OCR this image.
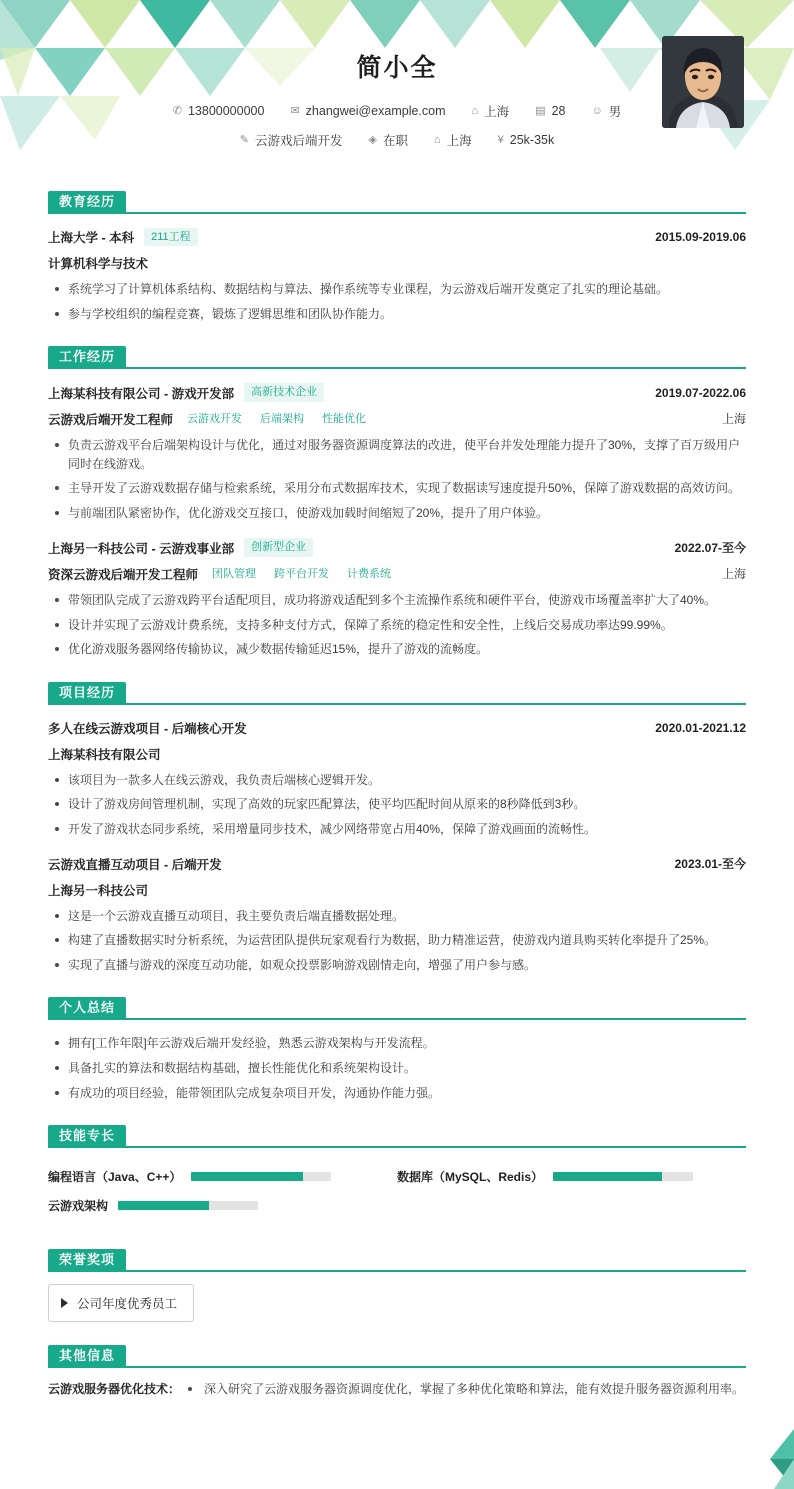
简小全
✆ 13800000000 ✉ zhangwei@example.com ⌂ 上海 ▤ 28 ☺ 男
✎ 云游戏后端开发 ◈ 在职 ⌂ 上海 ¥ 25k-35k
教育经历
上海大学 - 本科	211工程	2015.09-2019.06
计算机科学与技术
系统学习了计算机体系结构、数据结构与算法、操作系统等专业课程，为云游戏后端开发奠定了扎实的理论基础。
参与学校组织的编程竞赛，锻炼了逻辑思维和团队协作能力。
工作经历
上海某科技有限公司 - 游戏开发部	高新技术企业	2019.07-2022.06
云游戏后端开发工程师	云游戏开发	后端架构	性能优化	上海
负责云游戏平台后端架构设计与优化，通过对服务器资源调度算法的改进，使平台并发处理能力提升了30%，支撑了百万级用户同时在线游戏。
主导开发了云游戏数据存储与检索系统，采用分布式数据库技术，实现了数据读写速度提升50%，保障了游戏数据的高效访问。
与前端团队紧密协作，优化游戏交互接口，使游戏加载时间缩短了20%，提升了用户体验。
上海另一科技公司 - 云游戏事业部	创新型企业	2022.07-至今
资深云游戏后端开发工程师	团队管理	跨平台开发	计费系统	上海
带领团队完成了云游戏跨平台适配项目，成功将游戏适配到多个主流操作系统和硬件平台，使游戏市场覆盖率扩大了40%。
设计并实现了云游戏计费系统，支持多种支付方式，保障了系统的稳定性和安全性，上线后交易成功率达99.99%。
优化游戏服务器网络传输协议，减少数据传输延迟15%，提升了游戏的流畅度。
项目经历
多人在线云游戏项目 - 后端核心开发	2020.01-2021.12
上海某科技有限公司
该项目为一款多人在线云游戏，我负责后端核心逻辑开发。
设计了游戏房间管理机制，实现了高效的玩家匹配算法，使平均匹配时间从原来的8秒降低到3秒。
开发了游戏状态同步系统，采用增量同步技术，减少网络带宽占用40%，保障了游戏画面的流畅性。
云游戏直播互动项目 - 后端开发	2023.01-至今
上海另一科技公司
这是一个云游戏直播互动项目，我主要负责后端直播数据处理。
构建了直播数据实时分析系统，为运营团队提供玩家观看行为数据，助力精准运营，使游戏内道具购买转化率提升了25%。
实现了直播与游戏的深度互动功能，如观众投票影响游戏剧情走向，增强了用户参与感。
个人总结
拥有[工作年限]年云游戏后端开发经验，熟悉云游戏架构与开发流程。
具备扎实的算法和数据结构基础，擅长性能优化和系统架构设计。
有成功的项目经验，能带领团队完成复杂项目开发，沟通协作能力强。
技能专长
编程语言（Java、C++）	数据库（MySQL、Redis）
云游戏架构
荣誉奖项
公司年度优秀员工
其他信息
云游戏服务器优化技术： 深入研究了云游戏服务器资源调度优化，掌握了多种优化策略和算法，能有效提升服务器资源利用率。
